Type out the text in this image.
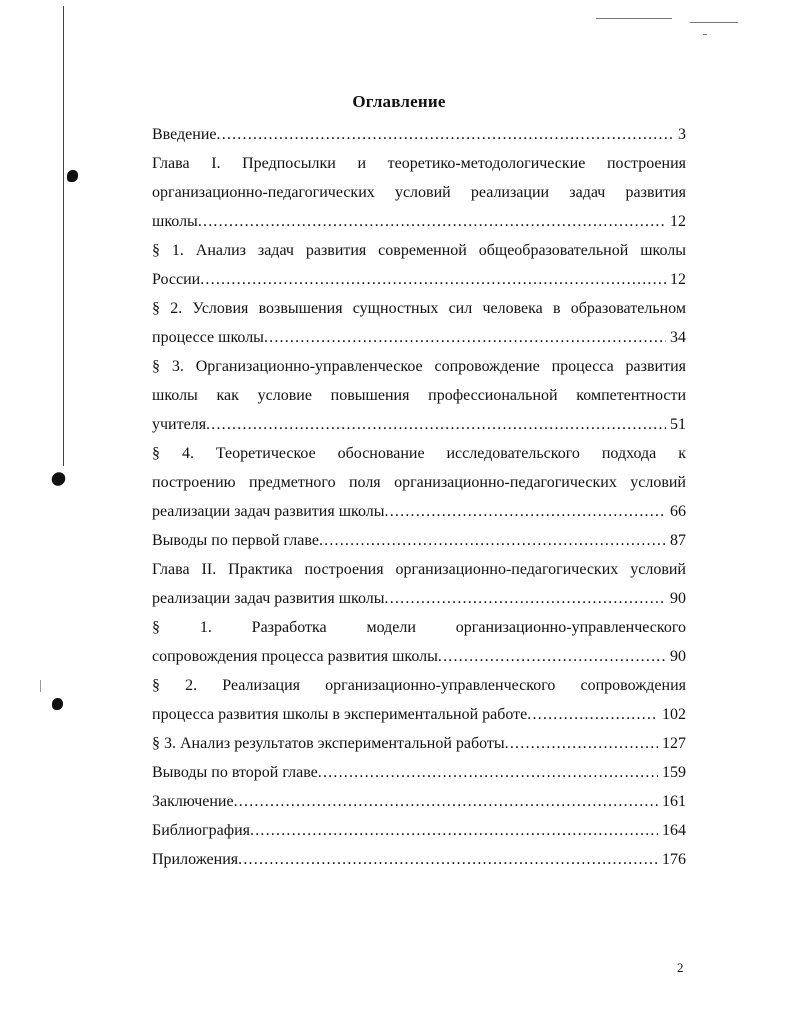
Оглавление
Введение .....	3
Глава I. Предпосылки и теоретико-методологические построения
организационно-педагогических условий реализации задач развития
школы .....	12
§ 1. Анализ задач развития современной общеобразовательной школы
России .....	12
§ 2. Условия возвышения сущностных сил человека в образовательном
процессе школы .....	34
§ 3. Организационно-управленческое сопровождение процесса развития
школы как условие повышения профессиональной компетентности
учителя .....	51
§ 4. Теоретическое обоснование исследовательского подхода к
построению предметного поля организационно-педагогических условий
реализации задач развития школы .....	66
Выводы по первой главе .....	87
Глава II. Практика построения организационно-педагогических условий
реализации задач развития школы .....	90
§ 1. Разработка модели организационно-управленческого
сопровождения процесса развития школы .....	90
§ 2. Реализация организационно-управленческого сопровождения
процесса развития школы в экспериментальной работе .....	102
§ 3. Анализ результатов экспериментальной работы .....	127
Выводы по второй главе .....	159
Заключение .....	161
Библиография .....	164
Приложения .....	176
2
